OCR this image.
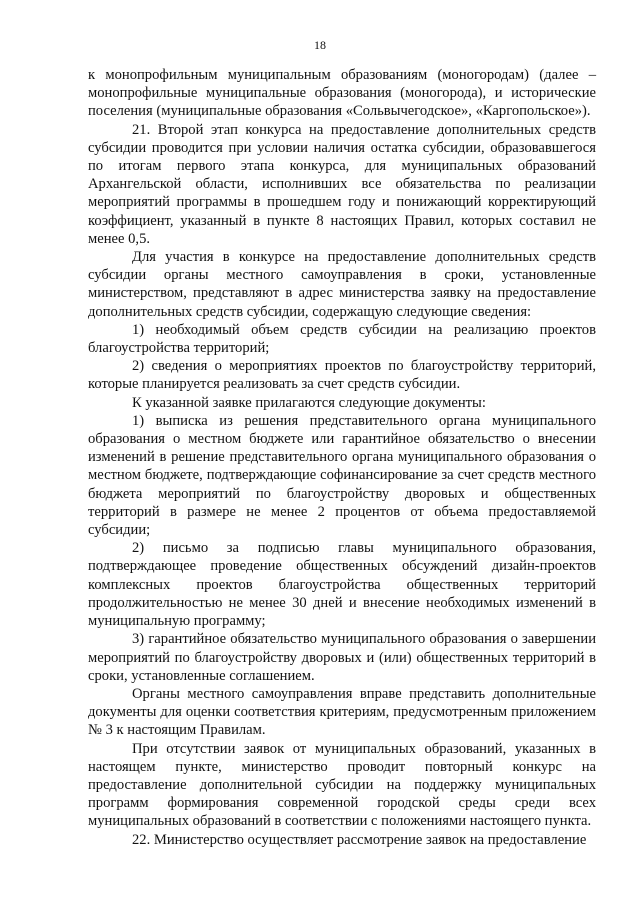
18

к монопрофильным муниципальным образованиям (моногородам) (далее – монопрофильные муниципальные образования (моногорода), и исторические поселения (муниципальные образования «Сольвычегодское», «Каргопольское»).

21. Второй этап конкурса на предоставление дополнительных средств субсидии проводится при условии наличия остатка субсидии, образовавшегося по итогам первого этапа конкурса, для муниципальных образований Архангельской области, исполнивших все обязательства по реализации мероприятий программы в прошедшем году и понижающий корректирующий коэффициент, указанный в пункте 8 настоящих Правил, которых составил не менее 0,5.

Для участия в конкурсе на предоставление дополнительных средств субсидии органы местного самоуправления в сроки, установленные министерством, представляют в адрес министерства заявку на предоставление дополнительных средств субсидии, содержащую следующие сведения:

1) необходимый объем средств субсидии на реализацию проектов благоустройства территорий;

2) сведения о мероприятиях проектов по благоустройству территорий, которые планируется реализовать за счет средств субсидии.

К указанной заявке прилагаются следующие документы:

1) выписка из решения представительного органа муниципального образования о местном бюджете или гарантийное обязательство о внесении изменений в решение представительного органа муниципального образования о местном бюджете, подтверждающие софинансирование за счет средств местного бюджета мероприятий по благоустройству дворовых и общественных территорий в размере не менее 2 процентов от объема предоставляемой субсидии;

2) письмо за подписью главы муниципального образования, подтверждающее проведение общественных обсуждений дизайн-проектов комплексных проектов благоустройства общественных территорий продолжительностью не менее 30 дней и внесение необходимых изменений в муниципальную программу;

3) гарантийное обязательство муниципального образования о завершении мероприятий по благоустройству дворовых и (или) общественных территорий в сроки, установленные соглашением.

Органы местного самоуправления вправе представить дополнительные документы для оценки соответствия критериям, предусмотренным приложением № 3 к настоящим Правилам.

При отсутствии заявок от муниципальных образований, указанных в настоящем пункте, министерство проводит повторный конкурс на предоставление дополнительной субсидии на поддержку муниципальных программ формирования современной городской среды среди всех муниципальных образований в соответствии с положениями настоящего пункта.

22. Министерство осуществляет рассмотрение заявок на предоставление
